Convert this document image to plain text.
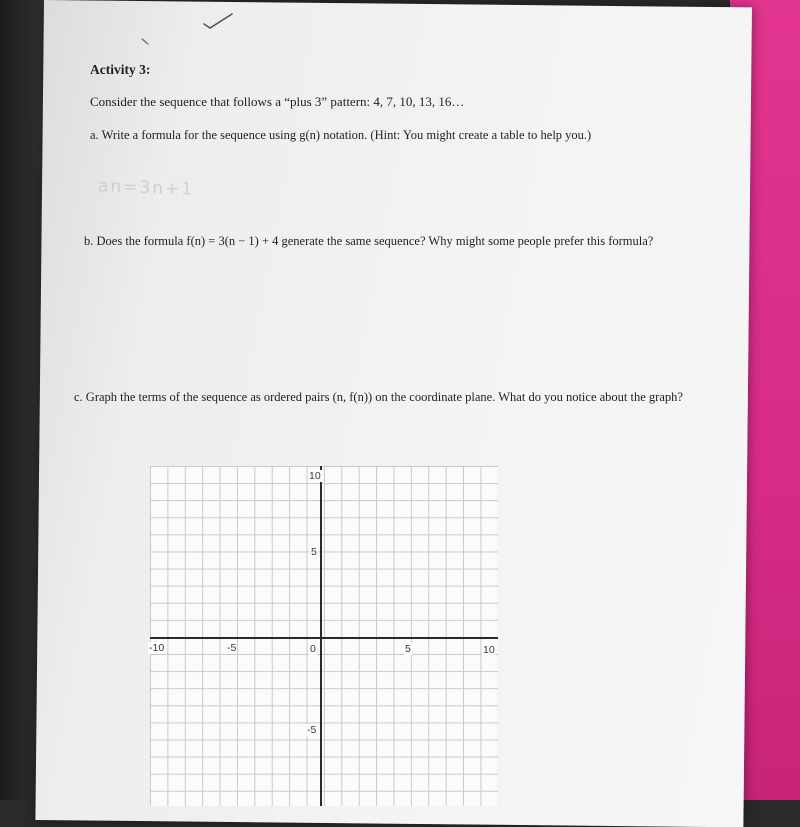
Activity 3:
Consider the sequence that follows a “plus 3” pattern: 4, 7, 10, 13, 16…
a. Write a formula for the sequence using g(n) notation. (Hint: You might create a table to help you.)
an=3n+1
b. Does the formula f(n) = 3(n − 1) + 4 generate the same sequence? Why might some people prefer this formula?
c. Graph the terms of the sequence as ordered pairs (n, f(n)) on the coordinate plane. What do you notice about the graph?
-10	-5	0	5	10
10
5
-5
